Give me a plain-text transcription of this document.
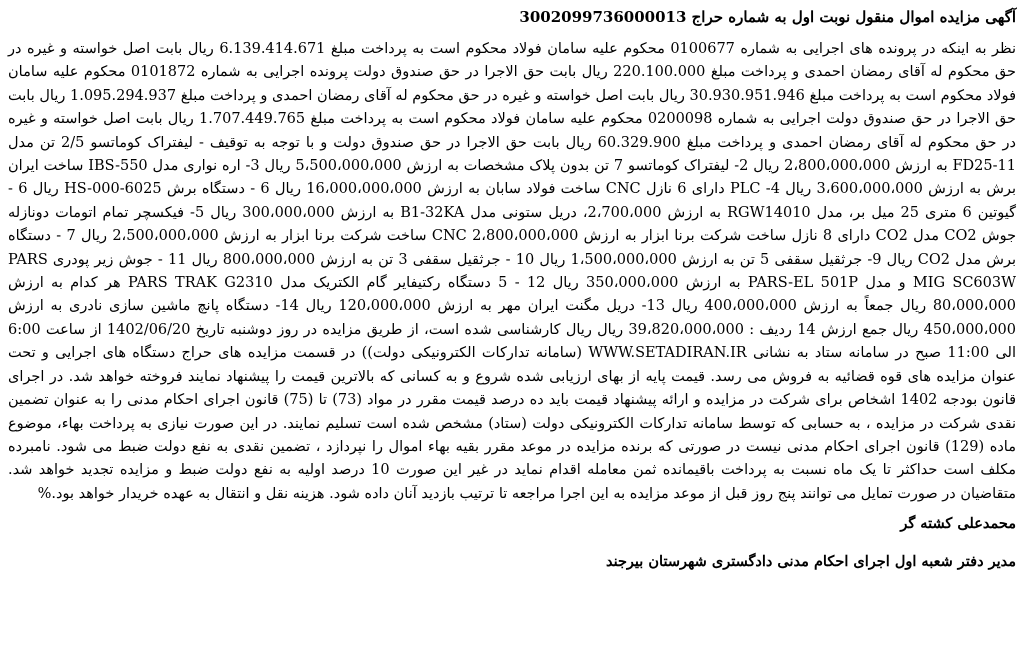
آگهی مزایده اموال منقول نوبت اول به شماره حراج 3002099736000013

نظر به اینکه در پرونده های اجرایی به شماره 0100677 محکوم علیه سامان فولاد محکوم است به پرداخت مبلغ 6.139.414.671 ریال بابت اصل خواسته و غیره در حق محکوم له آقای رمضان احمدی و پرداخت مبلغ 220.100.000 ریال بابت حق الاجرا در حق صندوق دولت پرونده اجرایی به شماره 0101872 محکوم علیه سامان فولاد محکوم است به پرداخت مبلغ 30.930.951.946 ریال بابت اصل خواسته و غیره در حق محکوم له آقای رمضان احمدی و پرداخت مبلغ 1.095.294.937 ریال بابت حق الاجرا در حق صندوق دولت اجرایی به شماره 0200098 محکوم علیه سامان فولاد محکوم است به پرداخت مبلغ 1.707.449.765 ریال بابت اصل خواسته و غیره در حق محکوم له آقای رمضان احمدی و پرداخت مبلغ 60.329.900 ریال بابت حق الاجرا در حق صندوق دولت و با توجه به توقیف - لیفتراک کوماتسو 2/5 تن مدل FD25-11 به ارزش 2،800،000،000 ریال 2- لیفتراک کوماتسو 7 تن بدون پلاک مشخصات به ارزش 5،500،000،000 ریال 3- اره نواری مدل IBS-550 ساخت ایران برش به ارزش 3،600،000،000 ریال 4- PLC دارای 6 نازل CNC ساخت فولاد سابان به ارزش 16،000،000،000 ریال 6 - دستگاه برش 6025-HS-000 ریال 6 - گیوتین 6 متری 25 میل بر، مدل RGW14010 به ارزش 2،700،000، دریل ستونی مدل B1-32KA به ارزش 300،000،000 ریال 5- فیکسچر تمام اتومات دونازله جوش CO2 مدل CO2 دارای 8 نازل ساخت شرکت برنا ابزار به ارزش 2،800،000،000 CNC ساخت شرکت برنا ابزار به ارزش 2،500،000،000 ریال 7 - دستگاه برش مدل CO2 ریال 9- جرثقیل سقفی 5 تن به ارزش 1،500،000،000 ریال 10 - جرثقیل سقفی 3 تن به ارزش 800،000،000 ریال 11 - جوش زیر پودری PARS MIG SC603W و مدل PARS-EL 501P به ارزش 350،000،000 ریال 12 - 5 دستگاه رکتیفایر گام الکتریک مدل PARS TRAK G2310 هر کدام به ارزش 80،000،000 ریال جمعاً به ارزش 400،000،000 ریال 13- دریل مگنت ایران مهر به ارزش 120،000،000 ریال 14- دستگاه پانچ ماشین سازی نادری به ارزش 450،000،000 ریال جمع ارزش 14 ردیف : 39،820،000،000 ریال ریال کارشناسی شده است، از طریق مزایده در روز دوشنبه تاریخ 1402/06/20 از ساعت 6:00 الی 11:00 صبح در سامانه ستاد به نشانی WWW.SETADIRAN.IR (سامانه تدارکات الکترونیکی دولت)) در قسمت مزایده های حراج دستگاه های اجرایی و تحت عنوان مزایده های قوه قضائیه به فروش می رسد. قیمت پایه از بهای ارزیابی شده شروع و به کسانی که بالاترین قیمت را پیشنهاد نمایند فروخته خواهد شد. در اجرای قانون بودجه 1402 اشخاص برای شرکت در مزایده و ارائه پیشنهاد قیمت باید ده درصد قیمت مقرر در مواد (73) تا (75) قانون اجرای احکام مدنی را به عنوان تضمین نقدی شرکت در مزایده ، به حسابی که توسط سامانه تدارکات الکترونیکی دولت (ستاد) مشخص شده است تسلیم نمایند. در این صورت نیازی به پرداخت بهاء، موضوع ماده (129) قانون اجرای احکام مدنی نیست در صورتی که برنده مزایده در موعد مقرر بقیه بهاء اموال را نپردازد ، تضمین نقدی به نفع دولت ضبط می شود. نامبرده مکلف است حداکثر تا یک ماه نسبت به پرداخت باقیمانده ثمن معامله اقدام نماید در غیر این صورت 10 درصد اولیه به نفع دولت ضبط و مزایده تجدید خواهد شد. متقاضیان در صورت تمایل می توانند پنج روز قبل از موعد مزایده به این اجرا مراجعه تا ترتیب بازدید آنان داده شود. هزینه نقل و انتقال به عهده خریدار خواهد بود.%

محمدعلی کشته گر

مدیر دفتر شعبه اول اجرای احکام مدنی دادگستری شهرستان بیرجند
